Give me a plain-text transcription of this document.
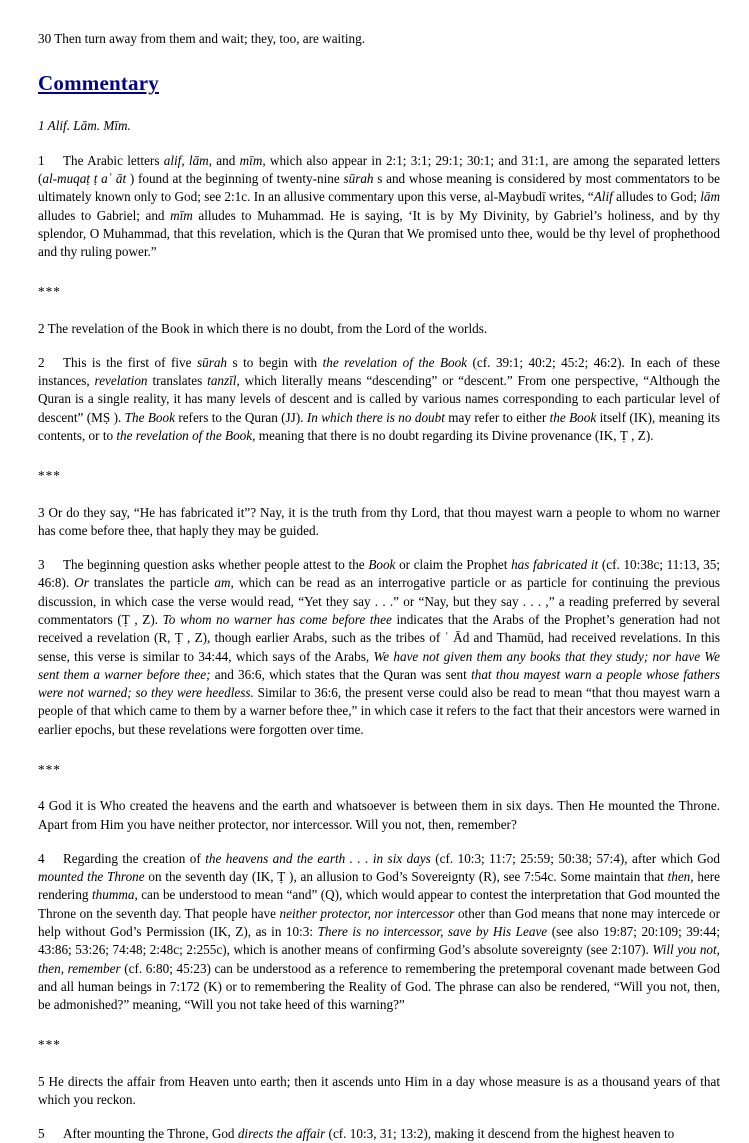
30 Then turn away from them and wait; they, too, are waiting.

Commentary

1 Alif. Lām. Mīm.

1 The Arabic letters alif, lām, and mīm, which also appear in 2:1; 3:1; 29:1; 30:1; and 31:1, are among the separated letters (al-muqaṭ ṭ aʿ āt ) found at the beginning of twenty-nine sūrah s and whose meaning is considered by most commentators to be ultimately known only to God; see 2:1c. In an allusive commentary upon this verse, al-Maybudī writes, “Alif alludes to God; lām alludes to Gabriel; and mīm alludes to Muhammad. He is saying, ‘It is by My Divinity, by Gabriel’s holiness, and by thy splendor, O Muhammad, that this revelation, which is the Quran that We promised unto thee, would be thy level of prophethood and thy ruling power.”

***

2 The revelation of the Book in which there is no doubt, from the Lord of the worlds.

2 This is the first of five sūrah s to begin with the revelation of the Book (cf. 39:1; 40:2; 45:2; 46:2). In each of these instances, revelation translates tanzīl, which literally means “descending” or “descent.” From one perspective, “Although the Quran is a single reality, it has many levels of descent and is called by various names corresponding to each particular level of descent” (MṢ ). The Book refers to the Quran (JJ). In which there is no doubt may refer to either the Book itself (IK), meaning its contents, or to the revelation of the Book, meaning that there is no doubt regarding its Divine provenance (IK, Ṭ , Z).

***

3 Or do they say, “He has fabricated it”? Nay, it is the truth from thy Lord, that thou mayest warn a people to whom no warner has come before thee, that haply they may be guided.

3 The beginning question asks whether people attest to the Book or claim the Prophet has fabricated it (cf. 10:38c; 11:13, 35; 46:8). Or translates the particle am, which can be read as an interrogative particle or as particle for continuing the previous discussion, in which case the verse would read, “Yet they say . . .” or “Nay, but they say . . . ,” a reading preferred by several commentators (Ṭ , Z). To whom no warner has come before thee indicates that the Arabs of the Prophet’s generation had not received a revelation (R, Ṭ , Z), though earlier Arabs, such as the tribes of ʿ Ād and Thamūd, had received revelations. In this sense, this verse is similar to 34:44, which says of the Arabs, We have not given them any books that they study; nor have We sent them a warner before thee; and 36:6, which states that the Quran was sent that thou mayest warn a people whose fathers were not warned; so they were heedless. Similar to 36:6, the present verse could also be read to mean “that thou mayest warn a people of that which came to them by a warner before thee,” in which case it refers to the fact that their ancestors were warned in earlier epochs, but these revelations were forgotten over time.

***

4 God it is Who created the heavens and the earth and whatsoever is between them in six days. Then He mounted the Throne. Apart from Him you have neither protector, nor intercessor. Will you not, then, remember?

4 Regarding the creation of the heavens and the earth . . . in six days (cf. 10:3; 11:7; 25:59; 50:38; 57:4), after which God mounted the Throne on the seventh day (IK, Ṭ ), an allusion to God’s Sovereignty (R), see 7:54c. Some maintain that then, here rendering thumma, can be understood to mean “and” (Q), which would appear to contest the interpretation that God mounted the Throne on the seventh day. That people have neither protector, nor intercessor other than God means that none may intercede or help without God’s Permission (IK, Z), as in 10:3: There is no intercessor, save by His Leave (see also 19:87; 20:109; 39:44; 43:86; 53:26; 74:48; 2:48c; 2:255c), which is another means of confirming God’s absolute sovereignty (see 2:107). Will you not, then, remember (cf. 6:80; 45:23) can be understood as a reference to remembering the pretemporal covenant made between God and all human beings in 7:172 (K) or to remembering the Reality of God. The phrase can also be rendered, “Will you not, then, be admonished?” meaning, “Will you not take heed of this warning?”

***

5 He directs the affair from Heaven unto earth; then it ascends unto Him in a day whose measure is as a thousand years of that which you reckon.

5 After mounting the Throne, God directs the affair (cf. 10:3, 31; 13:2), making it descend from the highest heaven to
